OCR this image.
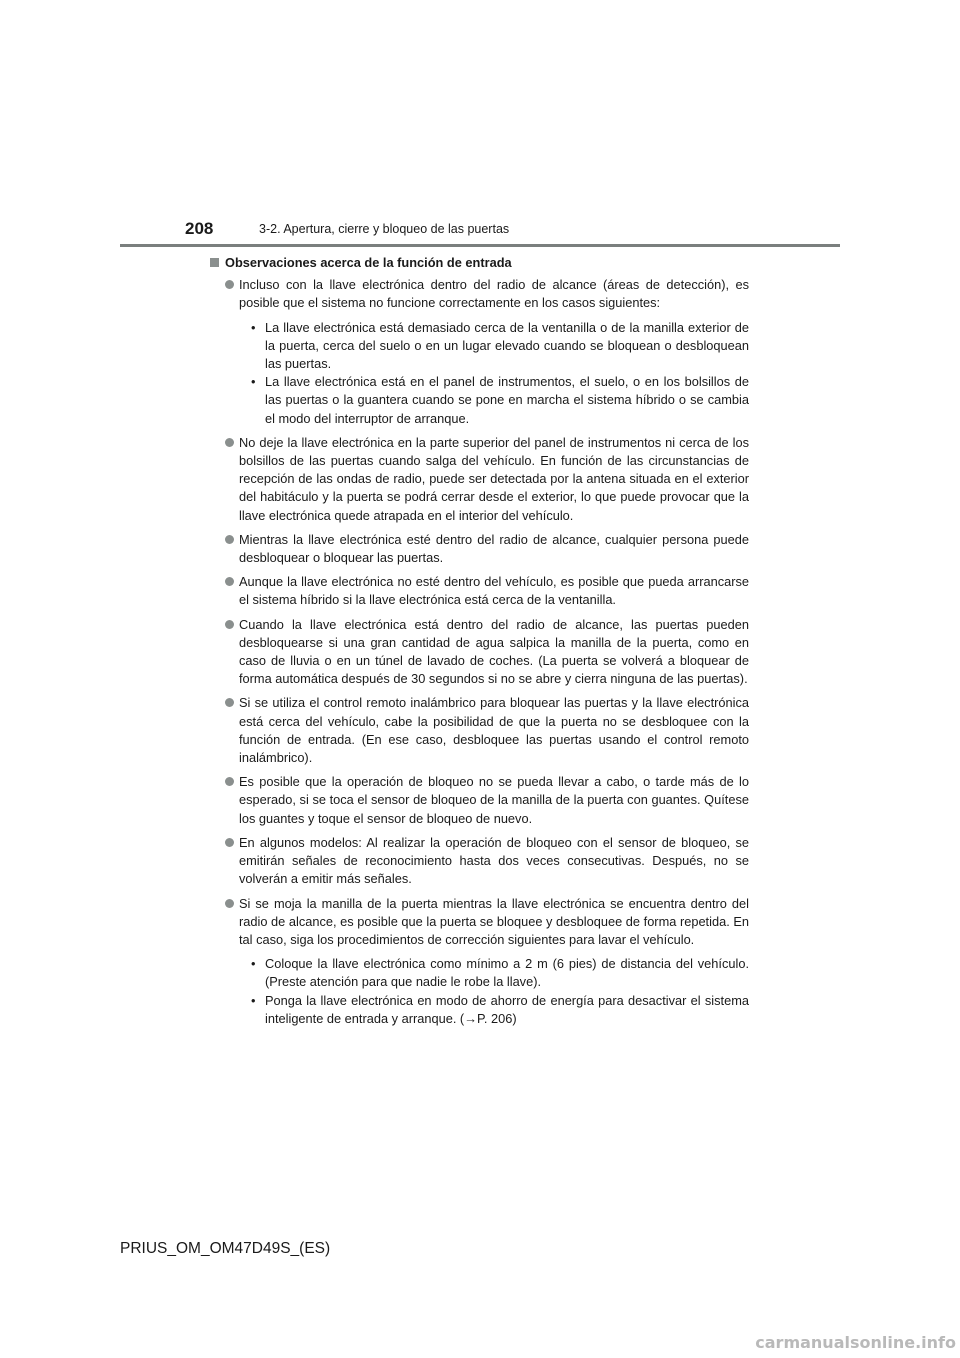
208	3-2. Apertura, cierre y bloqueo de las puertas
Observaciones acerca de la función de entrada
Incluso con la llave electrónica dentro del radio de alcance (áreas de detección), es posible que el sistema no funcione correctamente en los casos siguientes:
• La llave electrónica está demasiado cerca de la ventanilla o de la manilla exterior de la puerta, cerca del suelo o en un lugar elevado cuando se bloquean o desbloquean las puertas.
• La llave electrónica está en el panel de instrumentos, el suelo, o en los bolsillos de las puertas o la guantera cuando se pone en marcha el sistema híbrido o se cambia el modo del interruptor de arranque.
No deje la llave electrónica en la parte superior del panel de instrumentos ni cerca de los bolsillos de las puertas cuando salga del vehículo. En función de las circunstancias de recepción de las ondas de radio, puede ser detectada por la antena situada en el exterior del habitáculo y la puerta se podrá cerrar desde el exterior, lo que puede provocar que la llave electrónica quede atrapada en el interior del vehículo.
Mientras la llave electrónica esté dentro del radio de alcance, cualquier persona puede desbloquear o bloquear las puertas.
Aunque la llave electrónica no esté dentro del vehículo, es posible que pueda arrancarse el sistema híbrido si la llave electrónica está cerca de la ventanilla.
Cuando la llave electrónica está dentro del radio de alcance, las puertas pueden desbloquearse si una gran cantidad de agua salpica la manilla de la puerta, como en caso de lluvia o en un túnel de lavado de coches. (La puerta se volverá a bloquear de forma automática después de 30 segundos si no se abre y cierra ninguna de las puertas).
Si se utiliza el control remoto inalámbrico para bloquear las puertas y la llave electrónica está cerca del vehículo, cabe la posibilidad de que la puerta no se desbloquee con la función de entrada. (En ese caso, desbloquee las puertas usando el control remoto inalámbrico).
Es posible que la operación de bloqueo no se pueda llevar a cabo, o tarde más de lo esperado, si se toca el sensor de bloqueo de la manilla de la puerta con guantes. Quítese los guantes y toque el sensor de bloqueo de nuevo.
En algunos modelos: Al realizar la operación de bloqueo con el sensor de bloqueo, se emitirán señales de reconocimiento hasta dos veces consecutivas. Después, no se volverán a emitir más señales.
Si se moja la manilla de la puerta mientras la llave electrónica se encuentra dentro del radio de alcance, es posible que la puerta se bloquee y desbloquee de forma repetida. En tal caso, siga los procedimientos de corrección siguientes para lavar el vehículo.
• Coloque la llave electrónica como mínimo a 2 m (6 pies) de distancia del vehículo. (Preste atención para que nadie le robe la llave).
• Ponga la llave electrónica en modo de ahorro de energía para desactivar el sistema inteligente de entrada y arranque. (→P. 206)
PRIUS_OM_OM47D49S_(ES)
carmanualsonline.info
